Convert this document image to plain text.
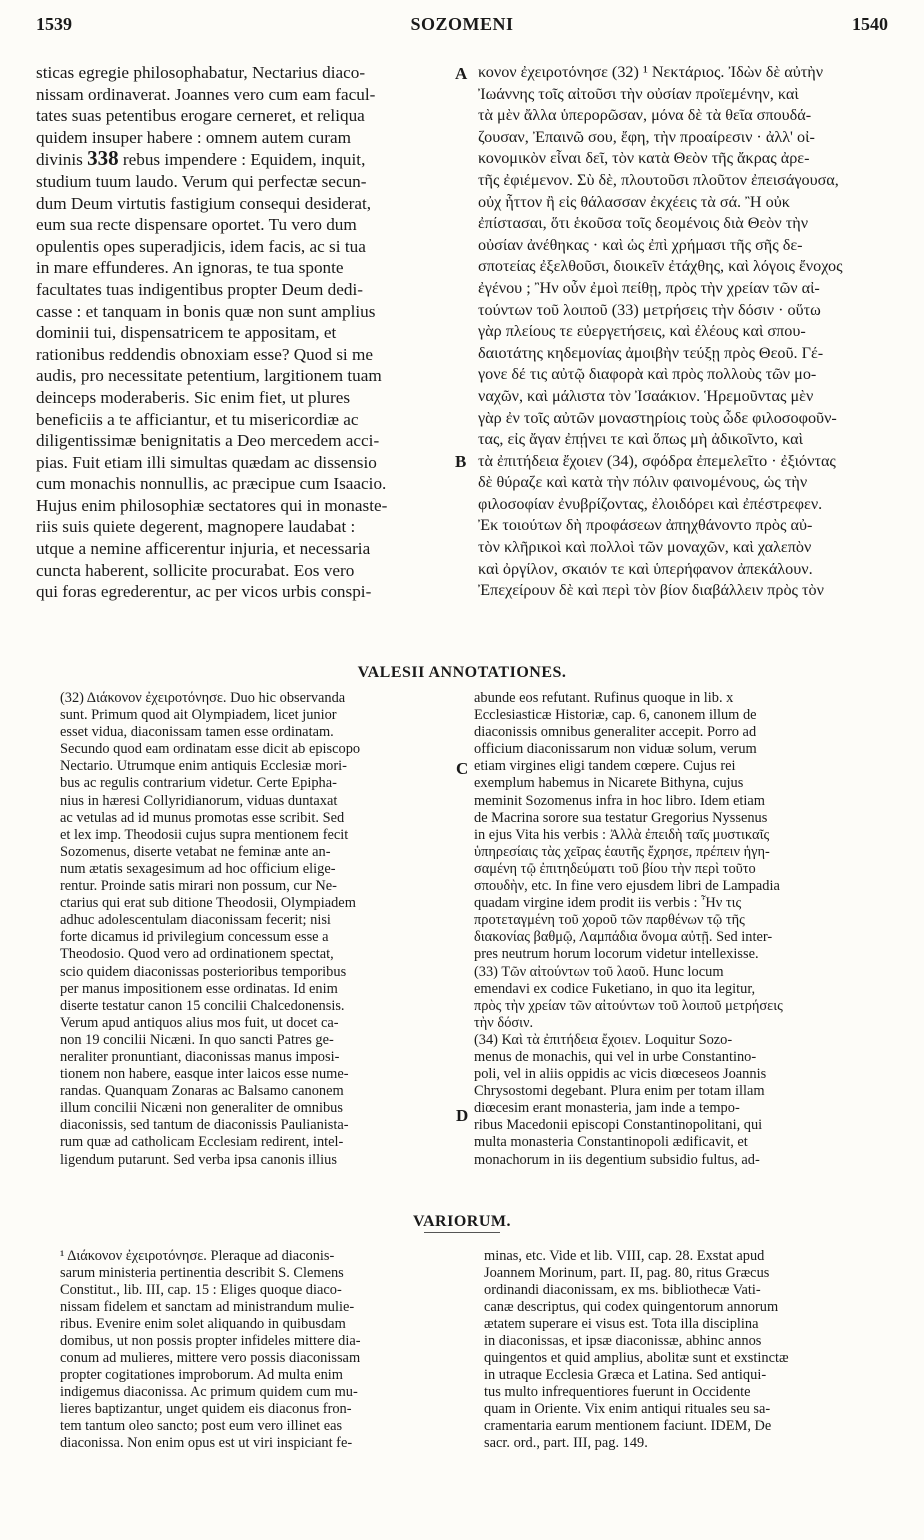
1539	SOZOMENI	1540
sticas egregie philosophabatur, Nectarius diaco-
nissam ordinaverat. Joannes vero cum eam facul-
tates suas petentibus erogare cerneret, et reliqua
quidem insuper habere : omnem autem curam
divinis 338 rebus impendere : Equidem, inquit,
studium tuum laudo. Verum qui perfectæ secun-
dum Deum virtutis fastigium consequi desiderat,
eum sua recte dispensare oportet. Tu vero dum
opulentis opes superadjicis, idem facis, ac si tua
in mare effunderes. An ignoras, te tua sponte
facultates tuas indigentibus propter Deum dedi-
casse : et tanquam in bonis quæ non sunt amplius
dominii tui, dispensatricem te appositam, et
rationibus reddendis obnoxiam esse? Quod si me
audis, pro necessitate petentium, largitionem tuam
deinceps moderaberis. Sic enim fiet, ut plures
beneficiis a te afficiantur, et tu misericordiæ ac
diligentissimæ benignitatis a Deo mercedem acci-
pias. Fuit etiam illi simultas quædam ac dissensio
cum monachis nonnullis, ac præcipue cum Isaacio.
Hujus enim philosophiæ sectatores qui in monaste-
riis suis quiete degerent, magnopere laudabat :
utque a nemine afficerentur injuria, et necessaria
cuncta haberent, sollicite procurabat. Eos vero
qui foras egrederentur, ac per vicos urbis conspi-
κονον ἐχειροτόνησε (32) ¹ Νεκτάριος. Ἰδὼν δὲ αὐτὴν
Ἰωάννης τοῖς αἰτοῦσι τὴν οὐσίαν προϊεμένην, καὶ
τὰ μὲν ἄλλα ὑπερορῶσαν, μόνα δὲ τὰ θεῖα σπουδά-
ζουσαν, Ἐπαινῶ σου, ἔφη, τὴν προαίρεσιν · ἀλλ' οἰ-
κονομικὸν εἶναι δεῖ, τὸν κατὰ Θεὸν τῆς ἄκρας ἀρε-
τῆς ἐφιέμενον. Σὺ δὲ, πλουτοῦσι πλοῦτον ἐπεισάγουσα,
οὐχ ἧττον ἢ εἰς θάλασσαν ἐκχέεις τὰ σά. Ἢ οὐκ
ἐπίστασαι, ὅτι ἑκοῦσα τοῖς δεομένοις διὰ Θεὸν τὴν
οὐσίαν ἀνέθηκας · καὶ ὡς ἐπὶ χρήμασι τῆς σῆς δε-
σποτείας ἐξελθοῦσι, διοικεῖν ἐτάχθης, καὶ λόγοις ἔνοχος
ἐγένου ; Ἢν οὖν ἐμοὶ πείθῃ, πρὸς τὴν χρείαν τῶν αἰ-
τούντων τοῦ λοιποῦ (33) μετρήσεις τὴν δόσιν · οὕτω
γὰρ πλείους τε εὐεργετήσεις, καὶ ἐλέους καὶ σπου-
δαιοτάτης κηδεμονίας ἀμοιβὴν τεύξῃ πρὸς Θεοῦ. Γέ-
γονε δέ τις αὐτῷ διαφορὰ καὶ πρὸς πολλοὺς τῶν μο-
ναχῶν, καὶ μάλιστα τὸν Ἰσαάκιον. Ἡρεμοῦντας μὲν
γὰρ ἐν τοῖς αὐτῶν μοναστηρίοις τοὺς ὧδε φιλοσοφοῦν-
τας, εἰς ἄγαν ἐπῄνει τε καὶ ὅπως μὴ ἀδικοῖντο, καὶ
τὰ ἐπιτήδεια ἔχοιεν (34), σφόδρα ἐπεμελεῖτο · ἐξιόντας
δὲ θύραζε καὶ κατὰ τὴν πόλιν φαινομένους, ὡς τὴν
φιλοσοφίαν ἐνυβρίζοντας, ἐλοιδόρει καὶ ἐπέστρεφεν.
Ἐκ τοιούτων δὴ προφάσεων ἀπηχθάνοντο πρὸς αὐ-
τὸν κλῆρικοὶ καὶ πολλοὶ τῶν μοναχῶν, καὶ χαλεπὸν
καὶ ὀργίλον, σκαιόν τε καὶ ὑπερήφανον ἀπεκάλουν.
Ἐπεχείρουν δὲ καὶ περὶ τὸν βίον διαβάλλειν πρὸς τὸν
A
B
C
D
VALESII ANNOTATIONES.
(32) Διάκονον ἐχειροτόνησε. Duo hic observanda
sunt. Primum quod ait Olympiadem, licet junior
esset vidua, diaconissam tamen esse ordinatam.
Secundo quod eam ordinatam esse dicit ab episcopo
Nectario. Utrumque enim antiquis Ecclesiæ mori-
bus ac regulis contrarium videtur. Certe Epipha-
nius in hæresi Collyridianorum, viduas duntaxat
ac vetulas ad id munus promotas esse scribit. Sed
et lex imp. Theodosii cujus supra mentionem fecit
Sozomenus, diserte vetabat ne feminæ ante an-
num ætatis sexagesimum ad hoc officium elige-
rentur. Proinde satis mirari non possum, cur Ne-
ctarius qui erat sub ditione Theodosii, Olympiadem
adhuc adolescentulam diaconissam fecerit; nisi
forte dicamus id privilegium concessum esse a
Theodosio. Quod vero ad ordinationem spectat,
scio quidem diaconissas posterioribus temporibus
per manus impositionem esse ordinatas. Id enim
diserte testatur canon 15 concilii Chalcedonensis.
Verum apud antiquos alius mos fuit, ut docet ca-
non 19 concilii Nicæni. In quo sancti Patres ge-
neraliter pronuntiant, diaconissas manus imposi-
tionem non habere, easque inter laicos esse nume-
randas. Quanquam Zonaras ac Balsamo canonem
illum concilii Nicæni non generaliter de omnibus
diaconissis, sed tantum de diaconissis Paulianista-
rum quæ ad catholicam Ecclesiam redirent, intel-
ligendum putarunt. Sed verba ipsa canonis illius
abunde eos refutant. Rufinus quoque in lib. x
Ecclesiasticæ Historiæ, cap. 6, canonem illum de
diaconissis omnibus generaliter accepit. Porro ad
officium diaconissarum non viduæ solum, verum
etiam virgines eligi tandem cœpere. Cujus rei
exemplum habemus in Nicarete Bithyna, cujus
meminit Sozomenus infra in hoc libro. Idem etiam
de Macrina sorore sua testatur Gregorius Nyssenus
in ejus Vita his verbis : Ἀλλὰ ἐπειδὴ ταῖς μυστικαῖς
ὑπηρεσίαις τὰς χεῖρας ἑαυτῆς ἔχρησε, πρέπειν ἡγη-
σαμένη τῷ ἐπιτηδεύματι τοῦ βίου τὴν περὶ τοῦτο
σπουδὴν, etc. In fine vero ejusdem libri de Lampadia
quadam virgine idem prodit iis verbis : Ἦν τις
προτεταγμένη τοῦ χοροῦ τῶν παρθένων τῷ τῆς
διακονίας βαθμῷ, Λαμπάδια ὄνομα αὐτῇ. Sed inter-
pres neutrum horum locorum videtur intellexisse.
(33) Τῶν αἰτούντων τοῦ λαοῦ. Hunc locum
emendavi ex codice Fuketiano, in quo ita legitur,
πρὸς τὴν χρείαν τῶν αἰτούντων τοῦ λοιποῦ μετρήσεις
τὴν δόσιν.
(34) Καὶ τὰ ἐπιτήδεια ἔχοιεν. Loquitur Sozo-
menus de monachis, qui vel in urbe Constantino-
poli, vel in aliis oppidis ac vicis diœceseos Joannis
Chrysostomi degebant. Plura enim per totam illam
diœcesim erant monasteria, jam inde a tempo-
ribus Macedonii episcopi Constantinopolitani, qui
multa monasteria Constantinopoli ædificavit, et
monachorum in iis degentium subsidio fultus, ad-
VARIORUM.
¹ Διάκονον ἐχειροτόνησε. Pleraque ad diaconis-
sarum ministeria pertinentia describit S. Clemens
Constitut., lib. III, cap. 15 : Eliges quoque diaco-
nissam fidelem et sanctam ad ministrandum mulie-
ribus. Evenire enim solet aliquando in quibusdam
domibus, ut non possis propter infideles mittere dia-
conum ad mulieres, mittere vero possis diaconissam
propter cogitationes improborum. Ad multa enim
indigemus diaconissa. Ac primum quidem cum mu-
lieres baptizantur, unget quidem eis diaconus fron-
tem tantum oleo sancto; post eum vero illinet eas
diaconissa. Non enim opus est ut viri inspiciant fe-
minas, etc. Vide et lib. VIII, cap. 28. Exstat apud
Joannem Morinum, part. II, pag. 80, ritus Græcus
ordinandi diaconissam, ex ms. bibliothecæ Vati-
canæ descriptus, qui codex quingentorum annorum
ætatem superare ei visus est. Tota illa disciplina
in diaconissas, et ipsæ diaconissæ, abhinc annos
quingentos et quid amplius, abolitæ sunt et exstinctæ
in utraque Ecclesia Græca et Latina. Sed antiqui-
tus multo infrequentiores fuerunt in Occidente
quam in Oriente. Vix enim antiqui rituales seu sa-
cramentaria earum mentionem faciunt. IDEM, De
sacr. ord., part. III, pag. 149.
